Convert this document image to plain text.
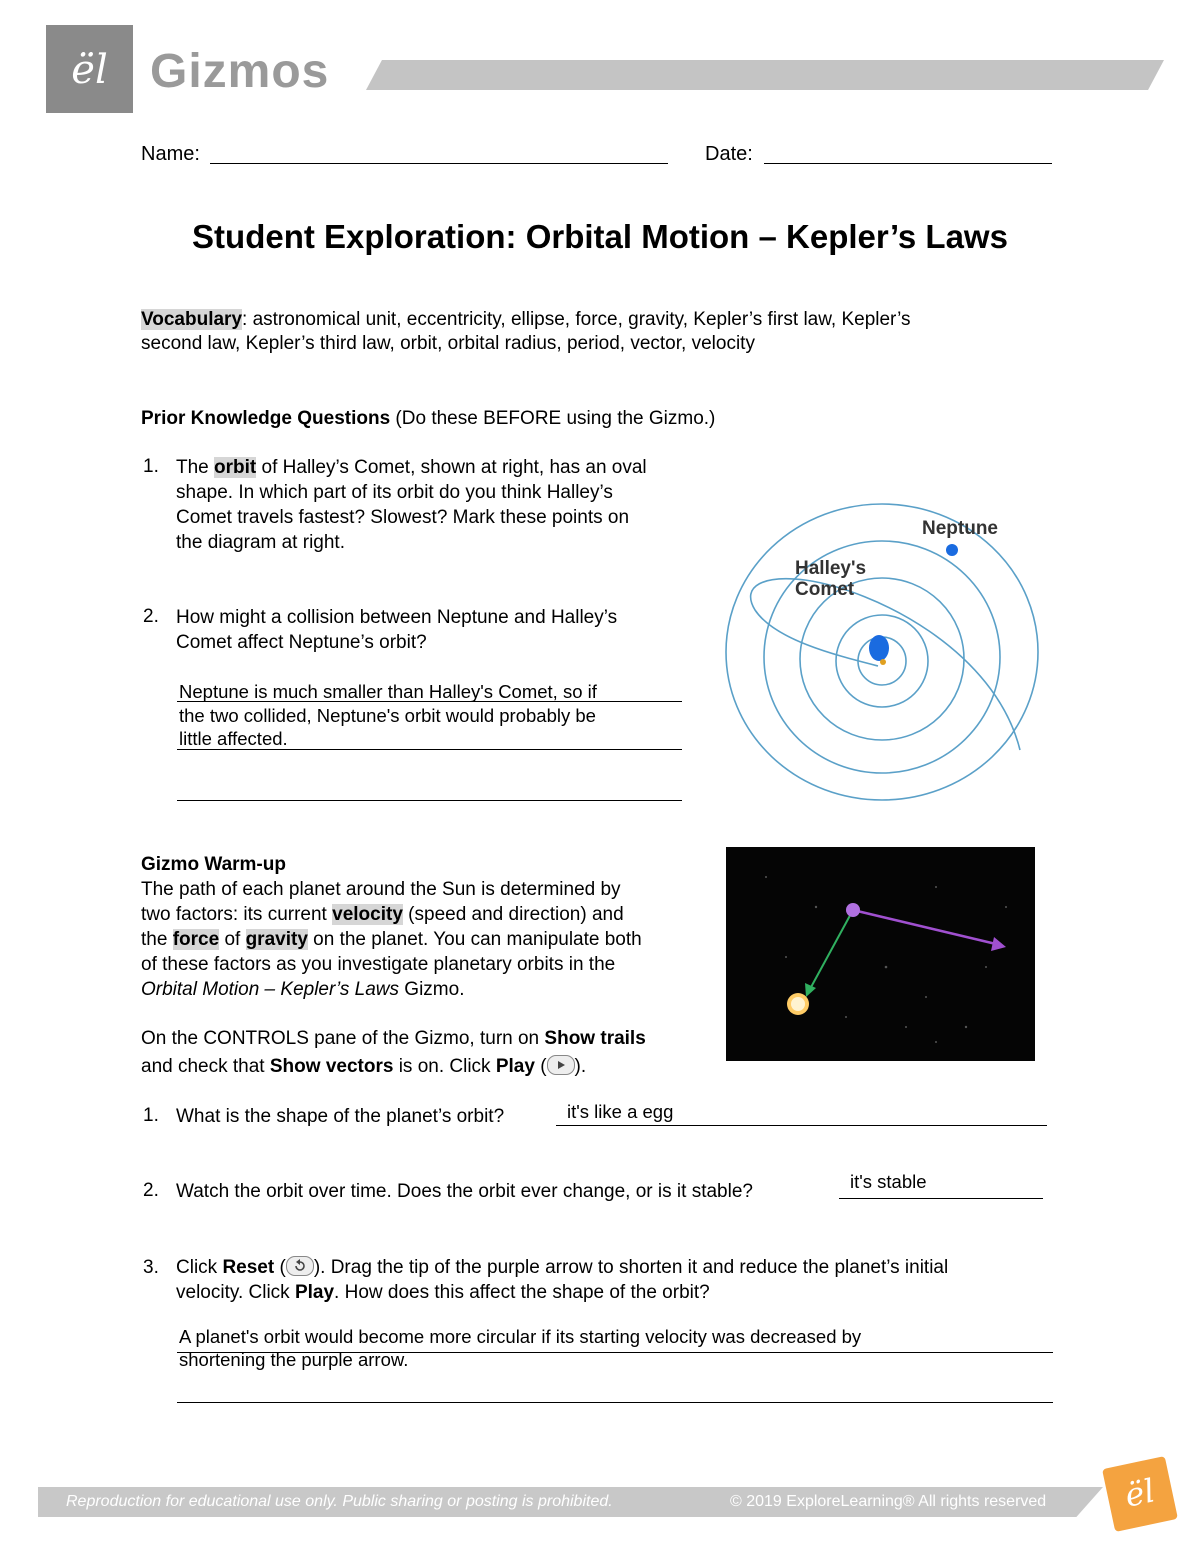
ël Gizmos
Name:	Date:
Student Exploration: Orbital Motion – Kepler’s Laws
Vocabulary: astronomical unit, eccentricity, ellipse, force, gravity, Kepler’s first law, Kepler’s
second law, Kepler’s third law, orbit, orbital radius, period, vector, velocity
Prior Knowledge Questions (Do these BEFORE using the Gizmo.)
1. The orbit of Halley’s Comet, shown at right, has an oval
shape. In which part of its orbit do you think Halley’s
Comet travels fastest? Slowest? Mark these points on
the diagram at right.
2. How might a collision between Neptune and Halley’s
Comet affect Neptune’s orbit?
Neptune is much smaller than Halley's Comet, so if
the two collided, Neptune's orbit would probably be
little affected.
Neptune
Halley's
Comet
Gizmo Warm-up
The path of each planet around the Sun is determined by
two factors: its current velocity (speed and direction) and
the force of gravity on the planet. You can manipulate both
of these factors as you investigate planetary orbits in the
Orbital Motion – Kepler’s Laws Gizmo.
On the CONTROLS pane of the Gizmo, turn on Show trails
and check that Show vectors is on. Click Play ( ).
1. What is the shape of the planet’s orbit?	it's like a egg
2. Watch the orbit over time. Does the orbit ever change, or is it stable?	it's stable
3. Click Reset ( ). Drag the tip of the purple arrow to shorten it and reduce the planet’s initial
velocity. Click Play. How does this affect the shape of the orbit?
A planet's orbit would become more circular if its starting velocity was decreased by
shortening the purple arrow.
Reproduction for educational use only. Public sharing or posting is prohibited.	© 2019 ExploreLearning® All rights reserved	ël
